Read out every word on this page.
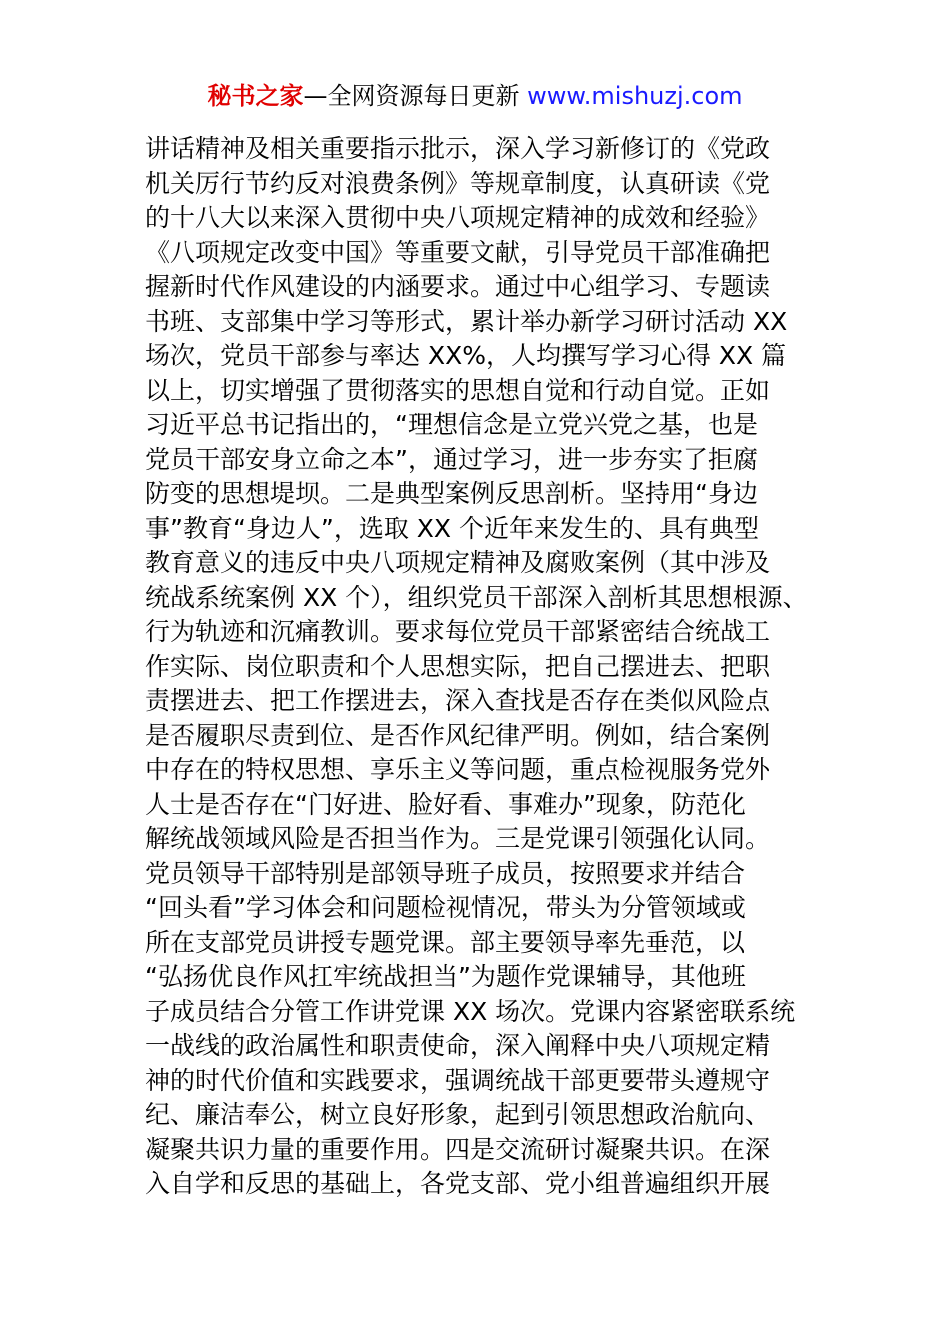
秘书之家—全网资源每日更新 www.mishuzj.com
讲话精神及相关重要指示批示，深入学习新修订的《党政
机关厉行节约反对浪费条例》等规章制度，认真研读《党
的十八大以来深入贯彻中央八项规定精神的成效和经验》
《八项规定改变中国》等重要文献，引导党员干部准确把
握新时代作风建设的内涵要求。通过中心组学习、专题读
书班、支部集中学习等形式，累计举办新学习研讨活动 XX
场次，党员干部参与率达 XX%，人均撰写学习心得 XX 篇
以上，切实增强了贯彻落实的思想自觉和行动自觉。正如
习近平总书记指出的，“理想信念是立党兴党之基，也是
党员干部安身立命之本”，通过学习，进一步夯实了拒腐
防变的思想堤坝。二是典型案例反思剖析。坚持用“身边
事”教育“身边人”，选取 XX 个近年来发生的、具有典型
教育意义的违反中央八项规定精神及腐败案例（其中涉及
统战系统案例 XX 个），组织党员干部深入剖析其思想根源、
行为轨迹和沉痛教训。要求每位党员干部紧密结合统战工
作实际、岗位职责和个人思想实际，把自己摆进去、把职
责摆进去、把工作摆进去，深入查找是否存在类似风险点
是否履职尽责到位、是否作风纪律严明。例如，结合案例
中存在的特权思想、享乐主义等问题，重点检视服务党外
人士是否存在“门好进、脸好看、事难办”现象，防范化
解统战领域风险是否担当作为。三是党课引领强化认同。
党员领导干部特别是部领导班子成员，按照要求并结合
“回头看”学习体会和问题检视情况，带头为分管领域或
所在支部党员讲授专题党课。部主要领导率先垂范，以
“弘扬优良作风扛牢统战担当”为题作党课辅导，其他班
子成员结合分管工作讲党课 XX 场次。党课内容紧密联系统
一战线的政治属性和职责使命，深入阐释中央八项规定精
神的时代价值和实践要求，强调统战干部更要带头遵规守
纪、廉洁奉公，树立良好形象，起到引领思想政治航向、
凝聚共识力量的重要作用。四是交流研讨凝聚共识。在深
入自学和反思的基础上，各党支部、党小组普遍组织开展
